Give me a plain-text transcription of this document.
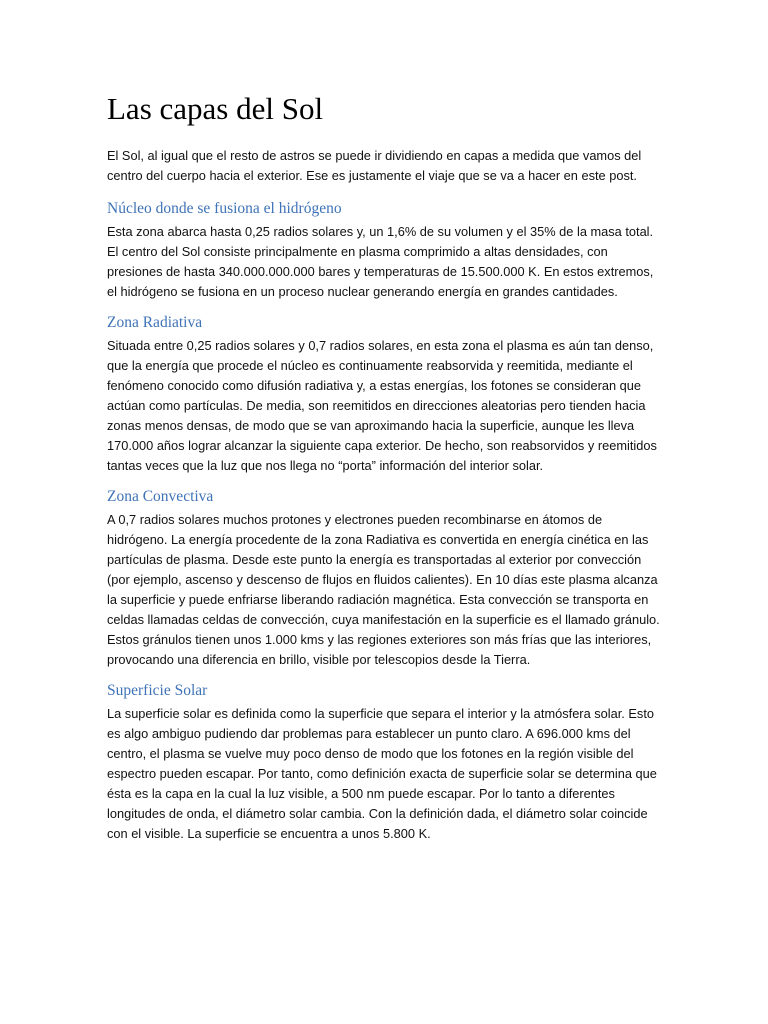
Las capas del Sol

El Sol, al igual que el resto de astros se puede ir dividiendo en capas a medida que vamos del centro del cuerpo hacia el exterior. Ese es justamente el viaje que se va a hacer en este post.

Núcleo donde se fusiona el hidrógeno

Esta zona abarca hasta 0,25 radios solares y, un 1,6% de su volumen y el 35% de la masa total. El centro del Sol consiste principalmente en plasma comprimido a altas densidades, con presiones de hasta 340.000.000.000 bares y temperaturas de 15.500.000 K. En estos extremos, el hidrógeno se fusiona en un proceso nuclear generando energía en grandes cantidades.

Zona Radiativa

Situada entre 0,25 radios solares y 0,7 radios solares, en esta zona el plasma es aún tan denso, que la energía que procede el núcleo es continuamente reabsorvida y reemitida, mediante el fenómeno conocido como difusión radiativa y, a estas energías, los fotones se consideran que actúan como partículas. De media, son reemitidos en direcciones aleatorias pero tienden hacia zonas menos densas, de modo que se van aproximando hacia la superficie, aunque les lleva 170.000 años lograr alcanzar la siguiente capa exterior. De hecho, son reabsorvidos y reemitidos tantas veces que la luz que nos llega no “porta” información del interior solar.

Zona Convectiva

A 0,7 radios solares muchos protones y electrones pueden recombinarse en átomos de hidrógeno. La energía procedente de la zona Radiativa es convertida en energía cinética en las partículas de plasma. Desde este punto la energía es transportadas al exterior por convección (por ejemplo, ascenso y descenso de flujos en fluidos calientes). En 10 días este plasma alcanza la superficie y puede enfriarse liberando radiación magnética. Esta convección se transporta en celdas llamadas celdas de convección, cuya manifestación en la superficie es el llamado gránulo. Estos gránulos tienen unos 1.000 kms y las regiones exteriores son más frías que las interiores, provocando una diferencia en brillo, visible por telescopios desde la Tierra.

Superficie Solar

La superficie solar es definida como la superficie que separa el interior y la atmósfera solar. Esto es algo ambiguo pudiendo dar problemas para establecer un punto claro. A 696.000 kms del centro, el plasma se vuelve muy poco denso de modo que los fotones en la región visible del espectro pueden escapar. Por tanto, como definición exacta de superficie solar se determina que ésta es la capa en la cual la luz visible, a 500 nm puede escapar. Por lo tanto a diferentes longitudes de onda, el diámetro solar cambia. Con la definición dada, el diámetro solar coincide con el visible. La superficie se encuentra a unos 5.800 K.
